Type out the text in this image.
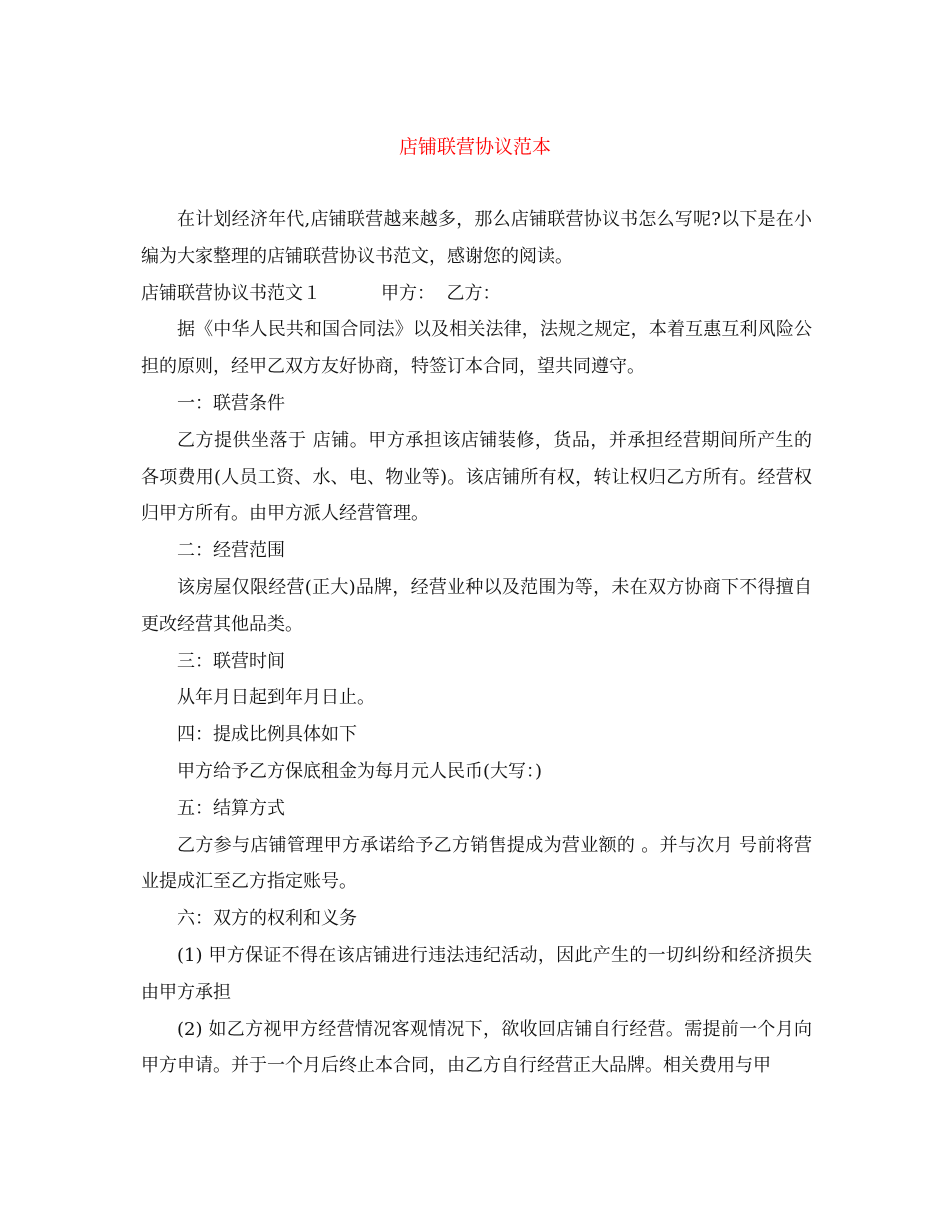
店铺联营协议范本

在计划经济年代,店铺联营越来越多，那么店铺联营协议书怎么写呢?以下是在小编为大家整理的店铺联营协议书范文，感谢您的阅读。

店铺联营协议书范文１	甲方： 乙方：

据《中华人民共和国合同法》以及相关法律，法规之规定，本着互惠互利风险公担的原则，经甲乙双方友好协商，特签订本合同，望共同遵守。

一：联营条件

乙方提供坐落于 店铺。甲方承担该店铺装修，货品，并承担经营期间所产生的各项费用(人员工资、水、电、物业等)。该店铺所有权，转让权归乙方所有。经营权归甲方所有。由甲方派人经营管理。

二：经营范围

该房屋仅限经营(正大)品牌，经营业种以及范围为等，未在双方协商下不得擅自更改经营其他品类。

三：联营时间

从年月日起到年月日止。

四：提成比例具体如下

甲方给予乙方保底租金为每月元人民币(大写：)

五：结算方式

乙方参与店铺管理甲方承诺给予乙方销售提成为营业额的 。并与次月 号前将营业提成汇至乙方指定账号。

六：双方的权利和义务

(1) 甲方保证不得在该店铺进行违法违纪活动，因此产生的一切纠纷和经济损失由甲方承担

(2) 如乙方视甲方经营情况客观情况下，欲收回店铺自行经营。需提前一个月向甲方申请。并于一个月后终止本合同，由乙方自行经营正大品牌。相关费用与甲
